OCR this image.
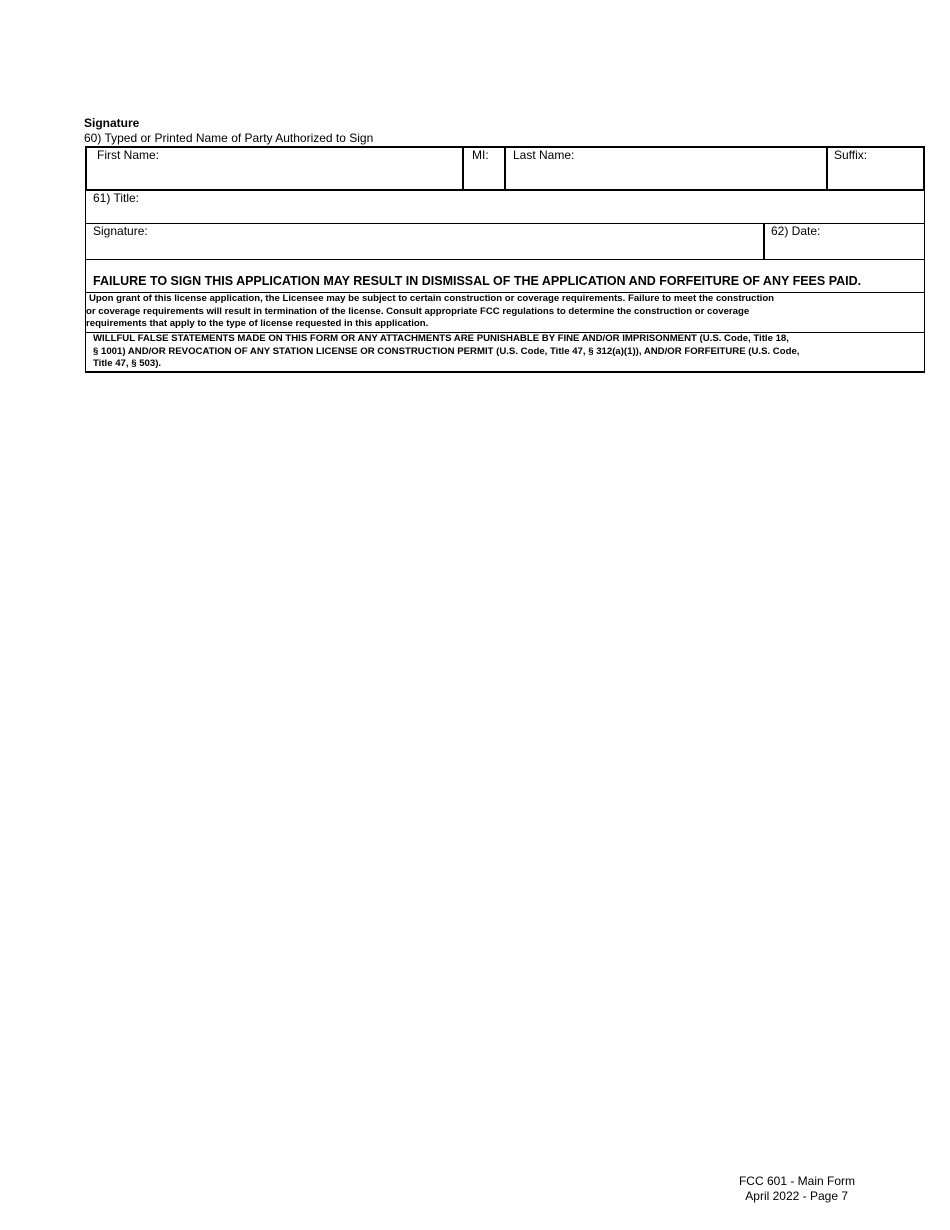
Signature
60) Typed or Printed Name of Party Authorized to Sign
First Name:	MI: Last Name:	Suffix:
61) Title:
Signature:	62) Date:
FAILURE TO SIGN THIS APPLICATION MAY RESULT IN DISMISSAL OF THE APPLICATION AND FORFEITURE OF ANY FEES PAID.
Upon grant of this license application, the Licensee may be subject to certain construction or coverage requirements. Failure to meet the construction
or coverage requirements will result in termination of the license. Consult appropriate FCC regulations to determine the construction or coverage
requirements that apply to the type of license requested in this application.
WILLFUL FALSE STATEMENTS MADE ON THIS FORM OR ANY ATTACHMENTS ARE PUNISHABLE BY FINE AND/OR IMPRISONMENT (U.S. Code, Title 18,
§ 1001) AND/OR REVOCATION OF ANY STATION LICENSE OR CONSTRUCTION PERMIT (U.S. Code, Title 47, § 312(a)(1)), AND/OR FORFEITURE (U.S. Code,
Title 47, § 503).
FCC 601 - Main Form
April 2022 - Page 7
